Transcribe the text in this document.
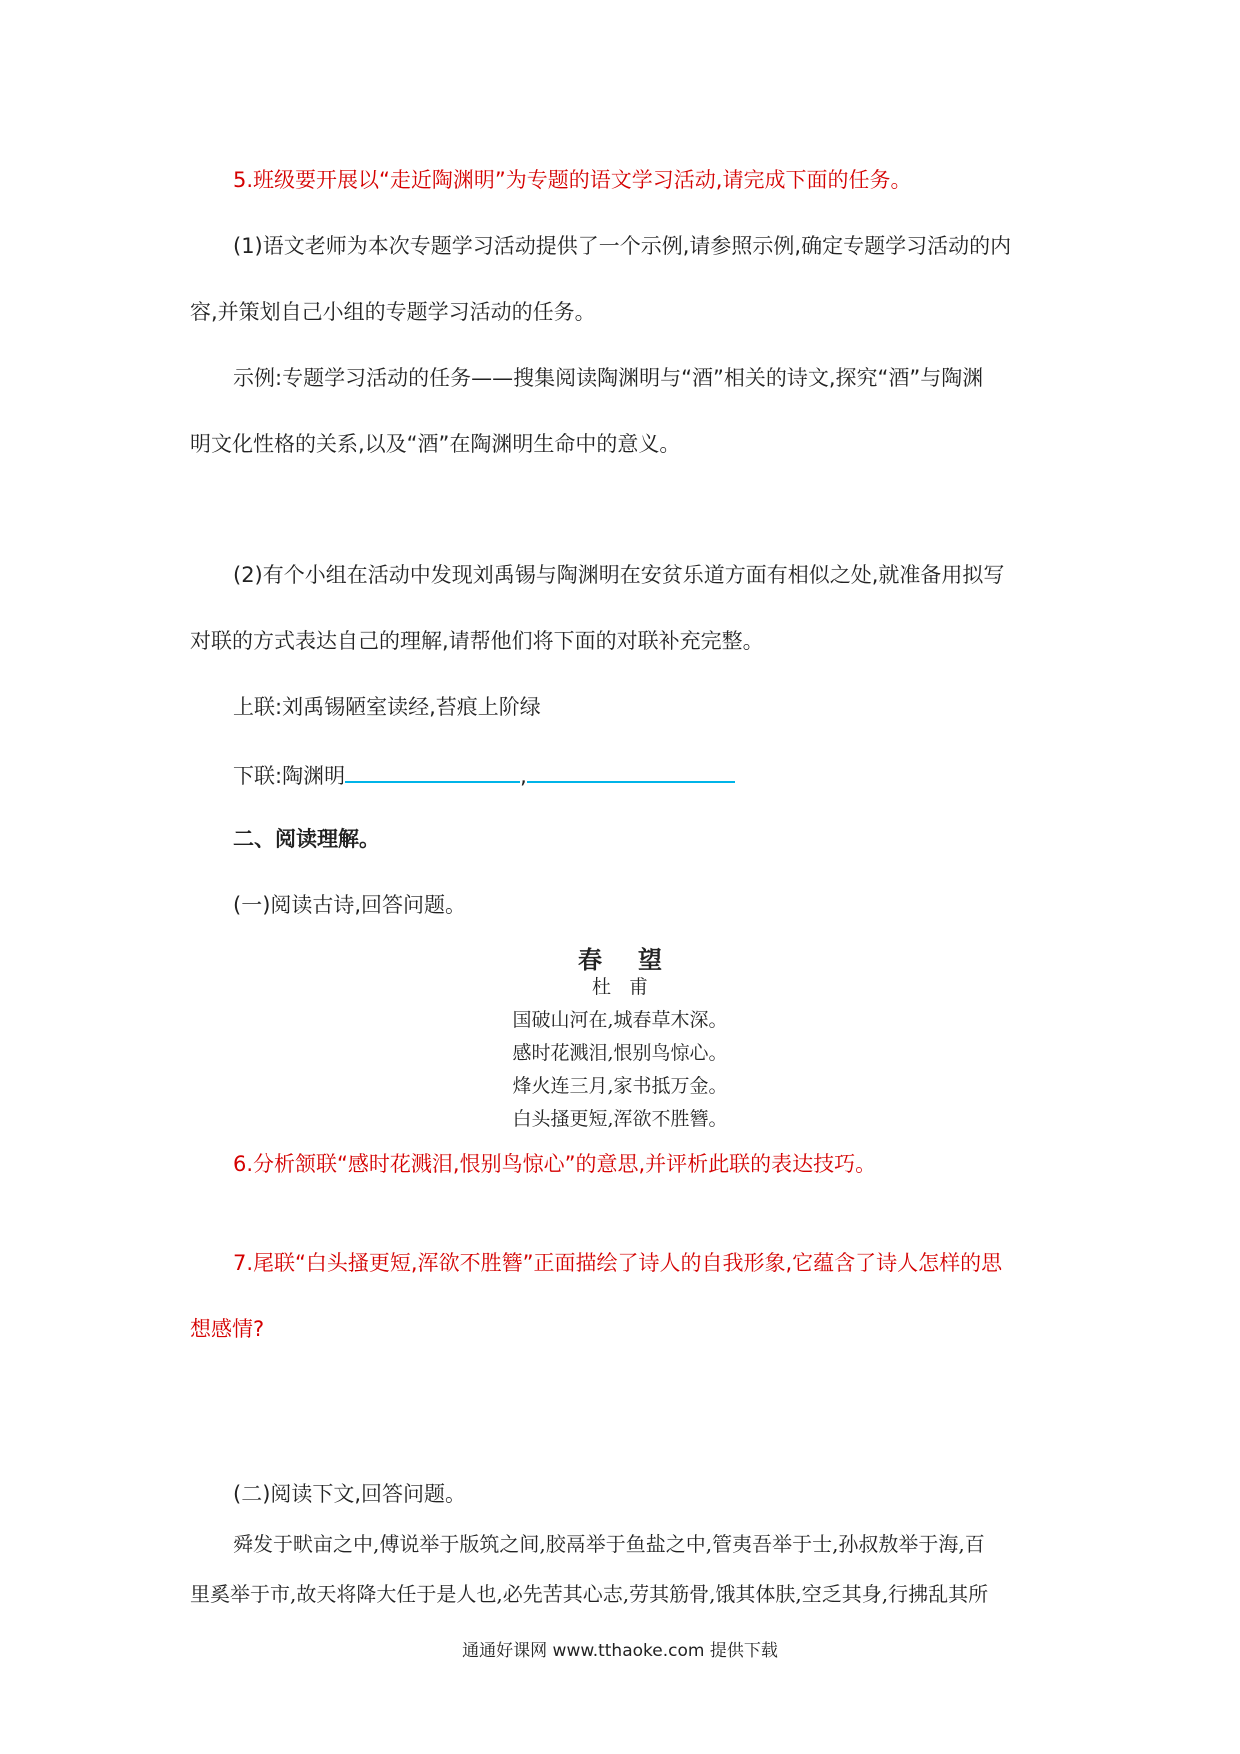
5.班级要开展以“走近陶渊明”为专题的语文学习活动,请完成下面的任务。
(1)语文老师为本次专题学习活动提供了一个示例,请参照示例,确定专题学习活动的内
容,并策划自己小组的专题学习活动的任务。
示例:专题学习活动的任务——搜集阅读陶渊明与“酒”相关的诗文,探究“酒”与陶渊
明文化性格的关系,以及“酒”在陶渊明生命中的意义。
(2)有个小组在活动中发现刘禹锡与陶渊明在安贫乐道方面有相似之处,就准备用拟写
对联的方式表达自己的理解,请帮他们将下面的对联补充完整。
上联:刘禹锡陋室读经,苔痕上阶绿
下联:陶渊明	,
二、阅读理解。
(一)阅读古诗,回答问题。
春望
杜甫
国破山河在,城春草木深。
感时花溅泪,恨别鸟惊心。
烽火连三月,家书抵万金。
白头搔更短,浑欲不胜簪。
6.分析颔联“感时花溅泪,恨别鸟惊心”的意思,并评析此联的表达技巧。
7.尾联“白头搔更短,浑欲不胜簪”正面描绘了诗人的自我形象,它蕴含了诗人怎样的思
想感情?
(二)阅读下文,回答问题。
舜发于畎亩之中,傅说举于版筑之间,胶鬲举于鱼盐之中,管夷吾举于士,孙叔敖举于海,百
里奚举于市,故天将降大任于是人也,必先苦其心志,劳其筋骨,饿其体肤,空乏其身,行拂乱其所
通通好课网 www.tthaoke.com 提供下载
